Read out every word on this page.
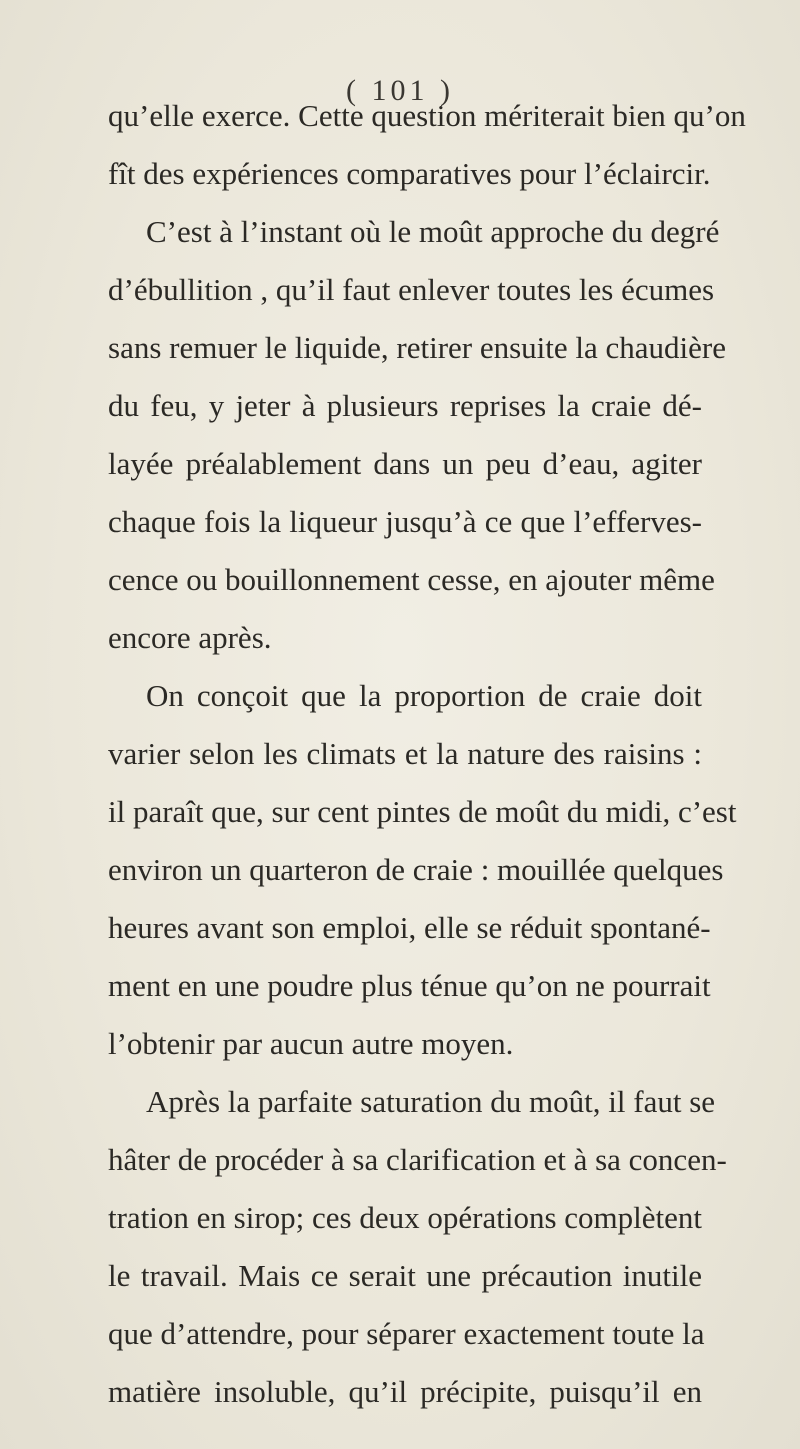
( 101 )
qu’elle exerce. Cette question mériterait bien qu’on
fît des expériences comparatives pour l’éclaircir.
C’est à l’instant où le moût approche du degré
d’ébullition , qu’il faut enlever toutes les écumes
sans remuer le liquide, retirer ensuite la chaudière
du feu, y jeter à plusieurs reprises la craie dé-
layée préalablement dans un peu d’eau, agiter
chaque fois la liqueur jusqu’à ce que l’efferves-
cence ou bouillonnement cesse, en ajouter même
encore après.
On conçoit que la proportion de craie doit
varier selon les climats et la nature des raisins :
il paraît que, sur cent pintes de moût du midi, c’est
environ un quarteron de craie : mouillée quelques
heures avant son emploi, elle se réduit spontané-
ment en une poudre plus ténue qu’on ne pourrait
l’obtenir par aucun autre moyen.
Après la parfaite saturation du moût, il faut se
hâter de procéder à sa clarification et à sa concen-
tration en sirop; ces deux opérations complètent
le travail. Mais ce serait une précaution inutile
que d’attendre, pour séparer exactement toute la
matière insoluble, qu’il précipite, puisqu’il en
